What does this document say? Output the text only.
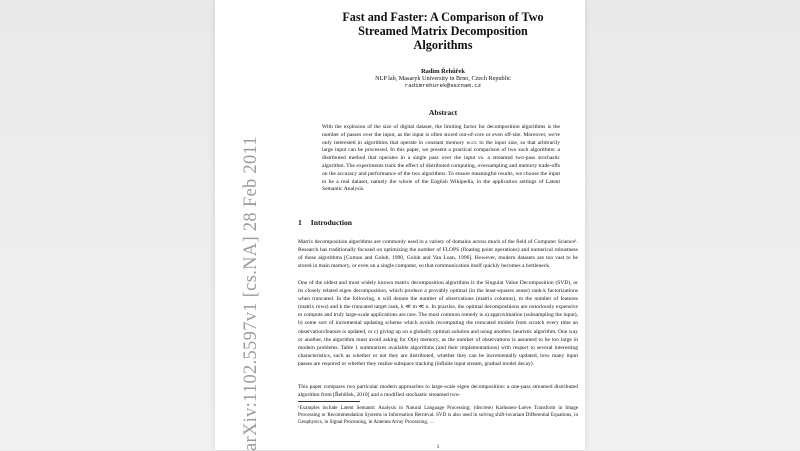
Fast and Faster: A Comparison of Two Streamed Matrix Decomposition Algorithms
Radim Řehůřek
NLP lab, Masaryk University in Brno, Czech Republic
radimrehurek@seznam.cz
Abstract
With the explosion of the size of digital dataset, the limiting factor for decomposition algorithms is the number of passes over the input, as the input is often stored out-of-core or even off-site. Moreover, we're only interested in algorithms that operate in constant memory w.r.t. to the input size, so that arbitrarily large input can be processed. In this paper, we present a practical comparison of two such algorithms: a distributed method that operates in a single pass over the input vs. a streamed two-pass stochastic algorithm. The experiments track the effect of distributed computing, oversampling and memory trade-offs on the accuracy and performance of the two algorithms. To ensure meaningful results, we choose the input to be a real dataset, namely the whole of the English Wikipedia, in the application settings of Latent Semantic Analysis.
1 Introduction
Matrix decomposition algorithms are commonly used in a variety of domains across much of the field of Computer Science¹. Research has traditionally focused on optimizing the number of FLOPS (floating point operations) and numerical robustness of these algorithms [Comon and Golub, 1990, Golub and Van Loan, 1996]. However, modern datasets are too vast to be stored in main memory, or even on a single computer, so that communication itself quickly becomes a bottleneck.
One of the oldest and most widely known matrix decomposition algorithms is the Singular Value Decomposition (SVD), or its closely related eigen decomposition, which produce a provably optimal (in the least-squares sense) rank-k factorizations when truncated. In the following, n will denote the number of observations (matrix columns), m the number of features (matrix rows) and k the truncated target rank, k ≪ m ≪ n. In practise, the optimal decompositions are notoriously expensive to compute and truly large-scale applications are rare. The most common remedy is a) approximation (subsampling the input), b) some sort of incremental updating scheme which avoids recomputing the truncated models from scratch every time an observation/feature is updated, or c) giving up on a globally optimal solution and using another, heuristic algorithm. One way or another, the algorithm must avoid asking for O(n) memory, as the number of observations is assumed to be too large in modern problems. Table 1 summarizes available algorithms (and their implementations) with respect to several interesting characteristics, such as whether or not they are distributed, whether they can be incrementally updated, how many input passes are required or whether they realize subspace tracking (infinite input stream, gradual model decay).
This paper compares two particular modern approaches to large-scale eigen decomposition: a one-pass streamed distributed algorithm from [Řehůřek, 2010] and a modified stochastic streamed two-
¹Examples include Latent Semantic Analysis in Natural Language Processing; (discrete) Karhunen–Loève Transform in Image Processing or Recommendation Systems in Information Retrieval. SVD is also used in solving shift-invariant Differential Equations, in Geophysics, in Signal Processing, in Antenna Array Processing, …
1
arXiv:1102.5597v1 [cs.NA] 28 Feb 2011
